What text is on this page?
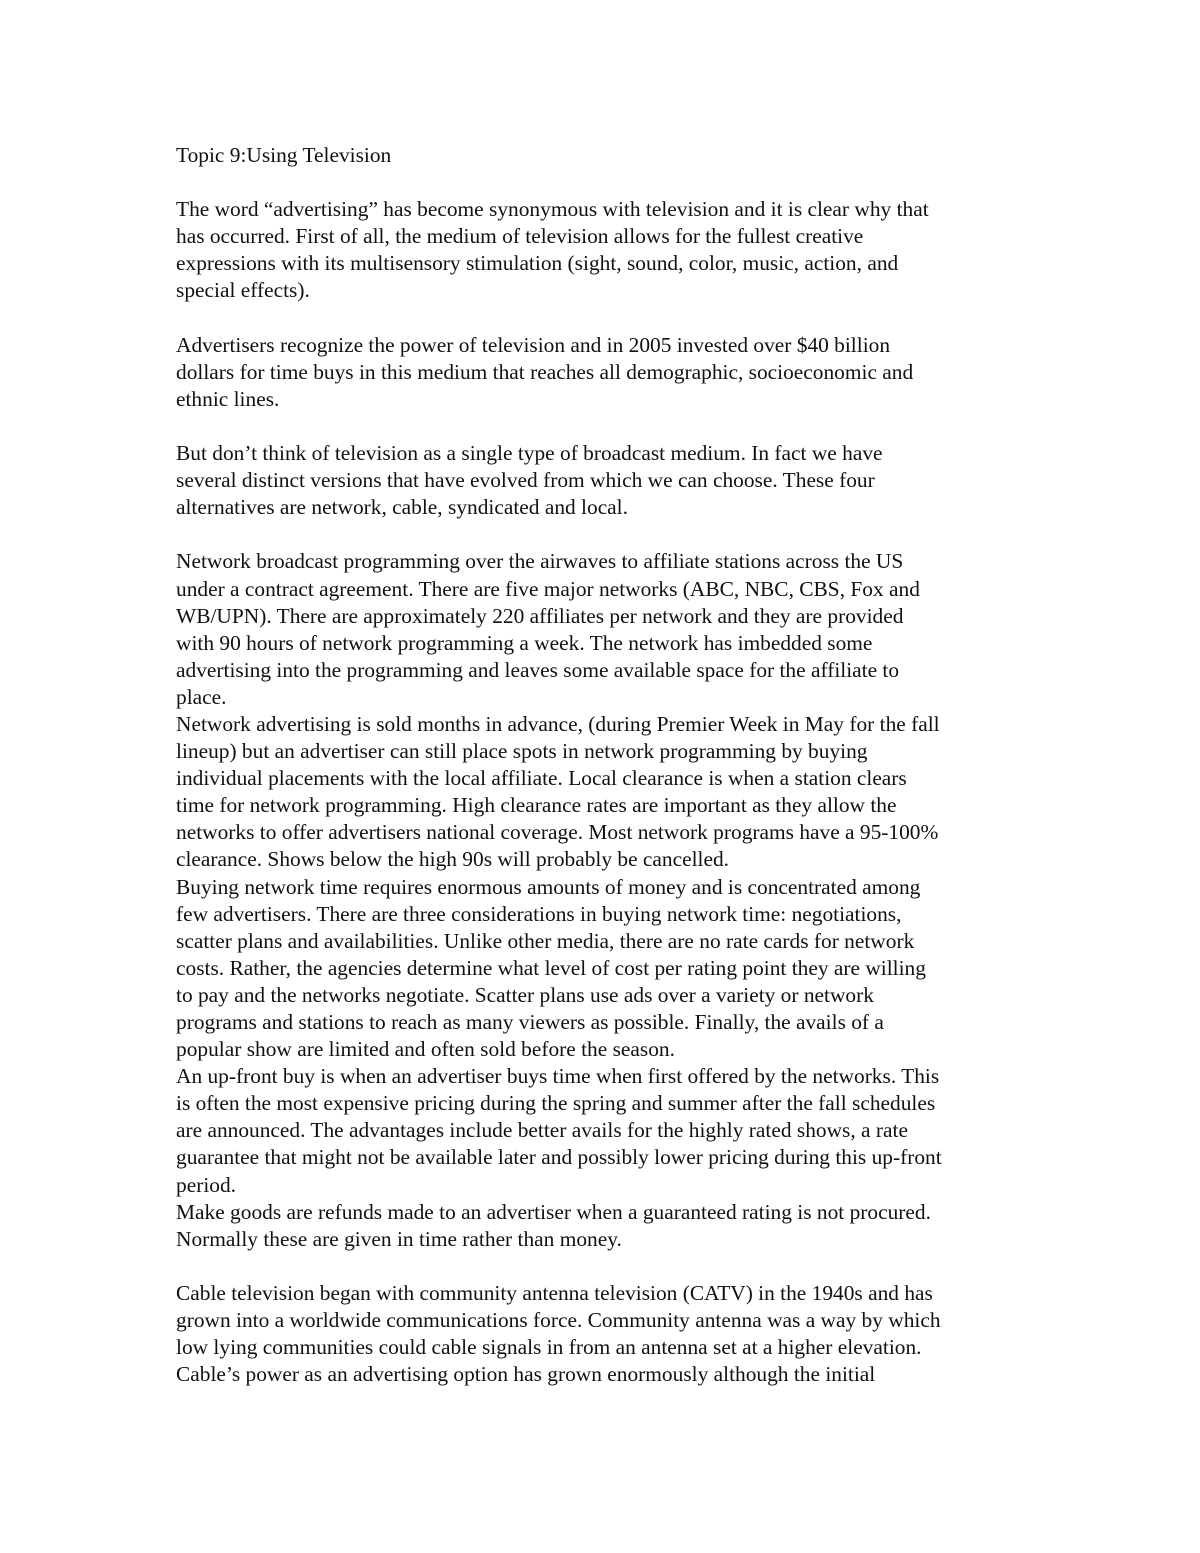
Topic 9:Using Television
The word “advertising” has become synonymous with television and it is clear why that
has occurred. First of all, the medium of television allows for the fullest creative
expressions with its multisensory stimulation (sight, sound, color, music, action, and
special effects).
Advertisers recognize the power of television and in 2005 invested over $40 billion
dollars for time buys in this medium that reaches all demographic, socioeconomic and
ethnic lines.
But don’t think of television as a single type of broadcast medium. In fact we have
several distinct versions that have evolved from which we can choose. These four
alternatives are network, cable, syndicated and local.
Network broadcast programming over the airwaves to affiliate stations across the US
under a contract agreement. There are five major networks (ABC, NBC, CBS, Fox and
WB/UPN). There are approximately 220 affiliates per network and they are provided
with 90 hours of network programming a week. The network has imbedded some
advertising into the programming and leaves some available space for the affiliate to
place.
Network advertising is sold months in advance, (during Premier Week in May for the fall
lineup) but an advertiser can still place spots in network programming by buying
individual placements with the local affiliate. Local clearance is when a station clears
time for network programming. High clearance rates are important as they allow the
networks to offer advertisers national coverage. Most network programs have a 95-100%
clearance. Shows below the high 90s will probably be cancelled.
Buying network time requires enormous amounts of money and is concentrated among
few advertisers. There are three considerations in buying network time: negotiations,
scatter plans and availabilities. Unlike other media, there are no rate cards for network
costs. Rather, the agencies determine what level of cost per rating point they are willing
to pay and the networks negotiate. Scatter plans use ads over a variety or network
programs and stations to reach as many viewers as possible. Finally, the avails of a
popular show are limited and often sold before the season.
An up-front buy is when an advertiser buys time when first offered by the networks. This
is often the most expensive pricing during the spring and summer after the fall schedules
are announced. The advantages include better avails for the highly rated shows, a rate
guarantee that might not be available later and possibly lower pricing during this up-front
period.
Make goods are refunds made to an advertiser when a guaranteed rating is not procured.
Normally these are given in time rather than money.
Cable television began with community antenna television (CATV) in the 1940s and has
grown into a worldwide communications force. Community antenna was a way by which
low lying communities could cable signals in from an antenna set at a higher elevation.
Cable’s power as an advertising option has grown enormously although the initial
